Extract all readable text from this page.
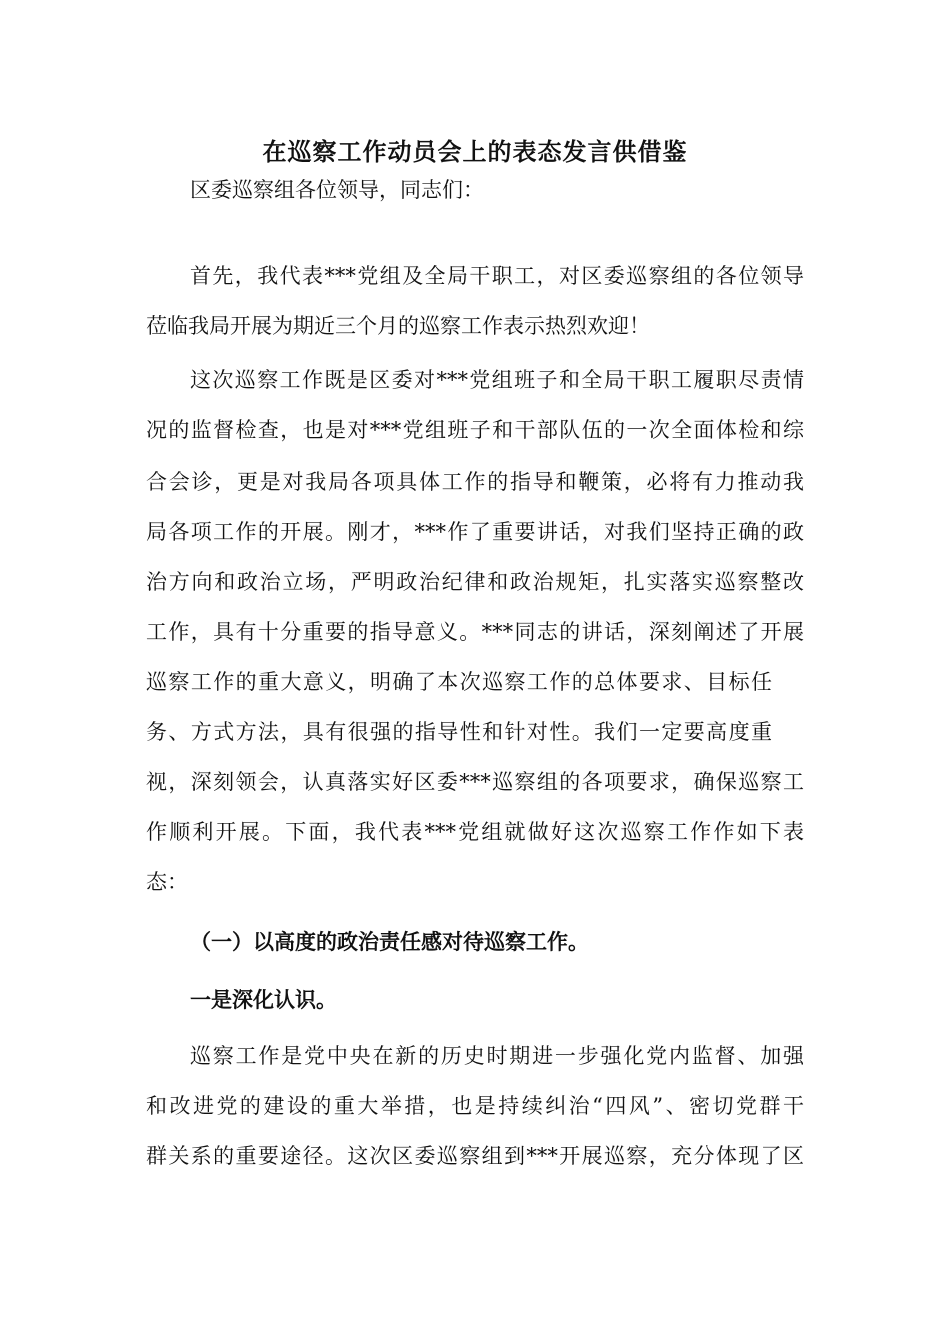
在巡察工作动员会上的表态发言供借鉴
区委巡察组各位领导，同志们：
首先，我代表***党组及全局干职工，对区委巡察组的各位领导
莅临我局开展为期近三个月的巡察工作表示热烈欢迎！
这次巡察工作既是区委对***党组班子和全局干职工履职尽责情
况的监督检查，也是对***党组班子和干部队伍的一次全面体检和综
合会诊，更是对我局各项具体工作的指导和鞭策，必将有力推动我
局各项工作的开展。刚才，***作了重要讲话，对我们坚持正确的政
治方向和政治立场，严明政治纪律和政治规矩，扎实落实巡察整改
工作，具有十分重要的指导意义。***同志的讲话，深刻阐述了开展
巡察工作的重大意义，明确了本次巡察工作的总体要求、目标任
务、方式方法，具有很强的指导性和针对性。我们一定要高度重
视，深刻领会，认真落实好区委***巡察组的各项要求，确保巡察工
作顺利开展。下面，我代表***党组就做好这次巡察工作作如下表
态：
（一）以高度的政治责任感对待巡察工作。
一是深化认识。
巡察工作是党中央在新的历史时期进一步强化党内监督、加强
和改进党的建设的重大举措，也是持续纠治“四风”、密切党群干
群关系的重要途径。这次区委巡察组到***开展巡察，充分体现了区
